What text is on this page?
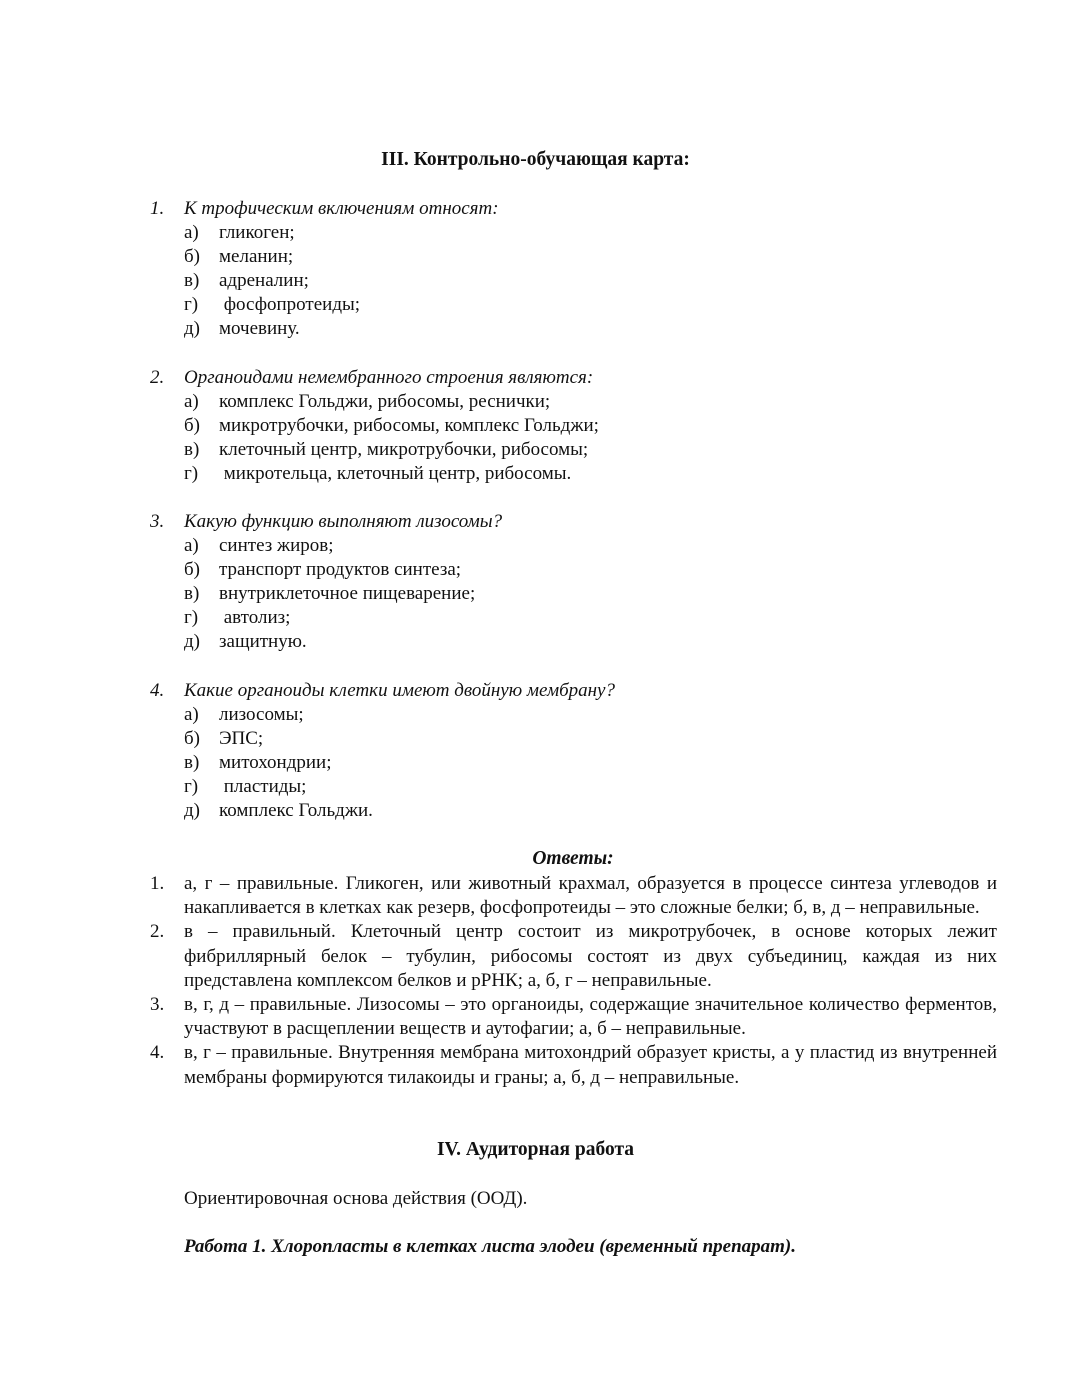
III. Контрольно-обучающая карта:
1. К трофическим включениям относят:
а) гликоген;
б) меланин;
в) адреналин;
г) фосфопротеиды;
д) мочевину.
2. Органоидами немембранного строения являются:
а) комплекс Гольджи, рибосомы, реснички;
б) микротрубочки, рибосомы, комплекс Гольджи;
в) клеточный центр, микротрубочки, рибосомы;
г) микротельца, клеточный центр, рибосомы.
3. Какую функцию выполняют лизосомы?
а) синтез жиров;
б) транспорт продуктов синтеза;
в) внутриклеточное пищеварение;
г) автолиз;
д) защитную.
4. Какие органоиды клетки имеют двойную мембрану?
а) лизосомы;
б) ЭПС;
в) митохондрии;
г) пластиды;
д) комплекс Гольджи.
Ответы:
1. а, г – правильные. Гликоген, или животный крахмал, образуется в процессе синтеза углеводов и накапливается в клетках как резерв, фосфопротеиды – это сложные белки; б, в, д – неправильные.
2. в – правильный. Клеточный центр состоит из микротрубочек, в основе которых лежит фибриллярный белок – тубулин, рибосомы состоят из двух субъединиц, каждая из них представлена комплексом белков и рРНК; а, б, г – неправильные.
3. в, г, д – правильные. Лизосомы – это органоиды, содержащие значительное количество ферментов, участвуют в расщеплении веществ и аутофагии; а, б – неправильные.
4. в, г – правильные. Внутренняя мембрана митохондрий образует кристы, а у пластид из внутренней мембраны формируются тилакоиды и граны; а, б, д – неправильные.
IV. Аудиторная работа
Ориентировочная основа действия (ООД).
Работа 1. Хлоропласты в клетках листа элодеи (временный препарат).
